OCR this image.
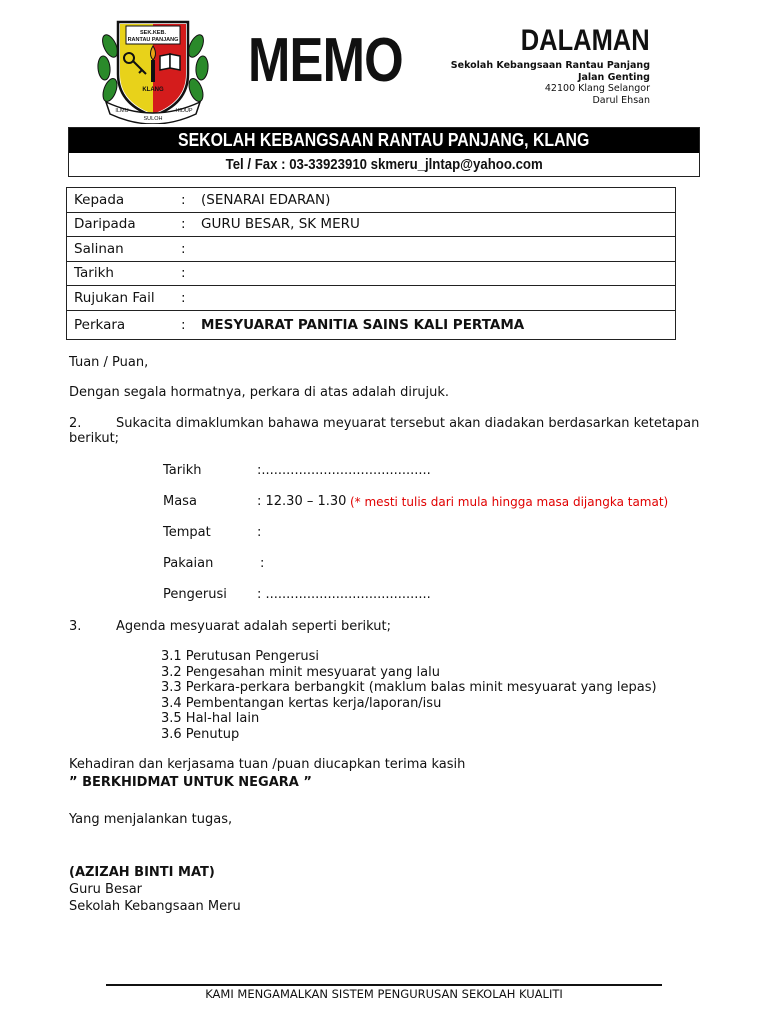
SEK.KEB.
RANTAU PANJANG
KLANG
ILMU
SULOH
HIDUP
MEMO	DALAMAN
Sekolah Kebangsaan Rantau Panjang
Jalan Genting
42100 Klang Selangor
Darul Ehsan
SEKOLAH KEBANGSAAN RANTAU PANJANG, KLANG
Tel / Fax : 03-33923910 skmeru_jlntap@yahoo.com
Kepada	: (SENARAI EDARAN)
Daripada	: GURU BESAR, SK MERU
Salinan	:
Tarikh	:
Rujukan Fail	:
Perkara	: MESYUARAT PANITIA SAINS KALI PERTAMA
Tuan / Puan,
Dengan segala hormatnya, perkara di atas adalah dirujuk.
2.	Sukacita dimaklumkan bahawa meyuarat tersebut akan diadakan berdasarkan ketetapan
berikut;
Tarikh	:.........................................
Masa	: 12.30 – 1.30 (* mesti tulis dari mula hingga masa dijangka tamat)
Tempat	:
Pakaian	:
Pengerusi : ........................................
3.	Agenda mesyuarat adalah seperti berikut;
3.1 Perutusan Pengerusi
3.2 Pengesahan minit mesyuarat yang lalu
3.3 Perkara-perkara berbangkit (maklum balas minit mesyuarat yang lepas)
3.4 Pembentangan kertas kerja/laporan/isu
3.5 Hal-hal lain
3.6 Penutup
Kehadiran dan kerjasama tuan /puan diucapkan terima kasih
” BERKHIDMAT UNTUK NEGARA ”
Yang menjalankan tugas,
(AZIZAH BINTI MAT)
Guru Besar
Sekolah Kebangsaan Meru
KAMI MENGAMALKAN SISTEM PENGURUSAN SEKOLAH KUALITI
